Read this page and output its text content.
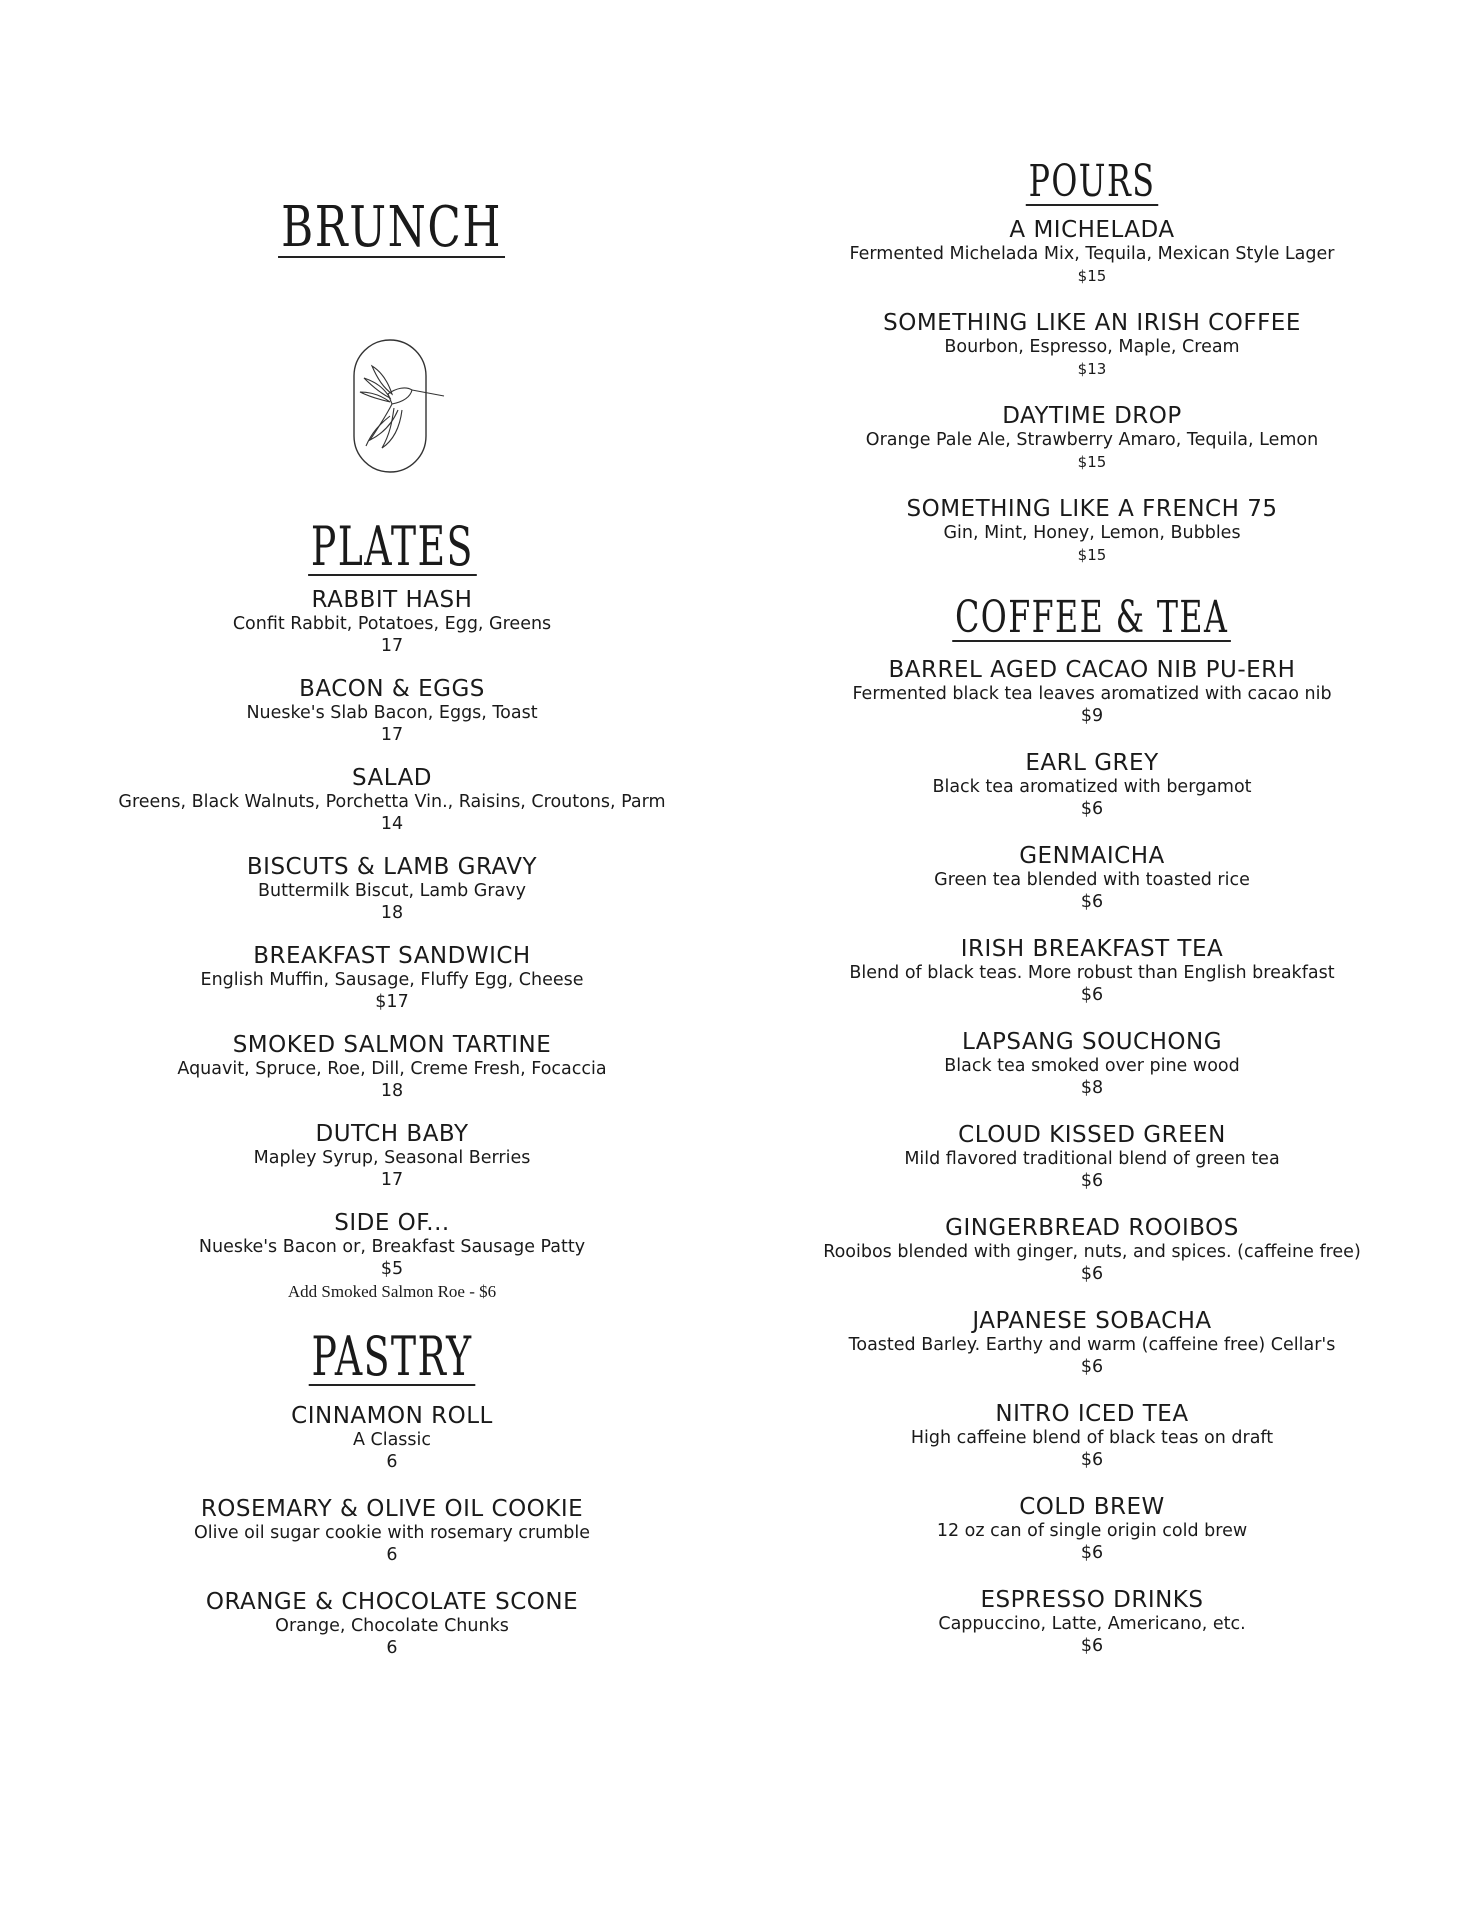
BRUNCH
PLATES
RABBIT HASH
Confit Rabbit, Potatoes, Egg, Greens
17
BACON & EGGS
Nueske's Slab Bacon, Eggs, Toast
17
SALAD
Greens, Black Walnuts, Porchetta Vin., Raisins, Croutons, Parm
14
BISCUTS & LAMB GRAVY
Buttermilk Biscut, Lamb Gravy
18
BREAKFAST SANDWICH
English Muffin, Sausage, Fluffy Egg, Cheese
$17
SMOKED SALMON TARTINE
Aquavit, Spruce, Roe, Dill, Creme Fresh, Focaccia
18
DUTCH BABY
Mapley Syrup, Seasonal Berries
17
SIDE OF...
Nueske's Bacon or, Breakfast Sausage Patty
$5
Add Smoked Salmon Roe - $6
PASTRY
CINNAMON ROLL
A Classic
6
ROSEMARY & OLIVE OIL COOKIE
Olive oil sugar cookie with rosemary crumble
6
ORANGE & CHOCOLATE SCONE
Orange, Chocolate Chunks
6
POURS
A MICHELADA
Fermented Michelada Mix, Tequila, Mexican Style Lager
$15
SOMETHING LIKE AN IRISH COFFEE
Bourbon, Espresso, Maple, Cream
$13
DAYTIME DROP
Orange Pale Ale, Strawberry Amaro, Tequila, Lemon
$15
SOMETHING LIKE A FRENCH 75
Gin, Mint, Honey, Lemon, Bubbles
$15
COFFEE & TEA
BARREL AGED CACAO NIB PU-ERH
Fermented black tea leaves aromatized with cacao nib
$9
EARL GREY
Black tea aromatized with bergamot
$6
GENMAICHA
Green tea blended with toasted rice
$6
IRISH BREAKFAST TEA
Blend of black teas. More robust than English breakfast
$6
LAPSANG SOUCHONG
Black tea smoked over pine wood
$8
CLOUD KISSED GREEN
Mild flavored traditional blend of green tea
$6
GINGERBREAD ROOIBOS
Rooibos blended with ginger, nuts, and spices. (caffeine free)
$6
JAPANESE SOBACHA
Toasted Barley. Earthy and warm (caffeine free) Cellar's
$6
NITRO ICED TEA
High caffeine blend of black teas on draft
$6
COLD BREW
12 oz can of single origin cold brew
$6
ESPRESSO DRINKS
Cappuccino, Latte, Americano, etc.
$6
